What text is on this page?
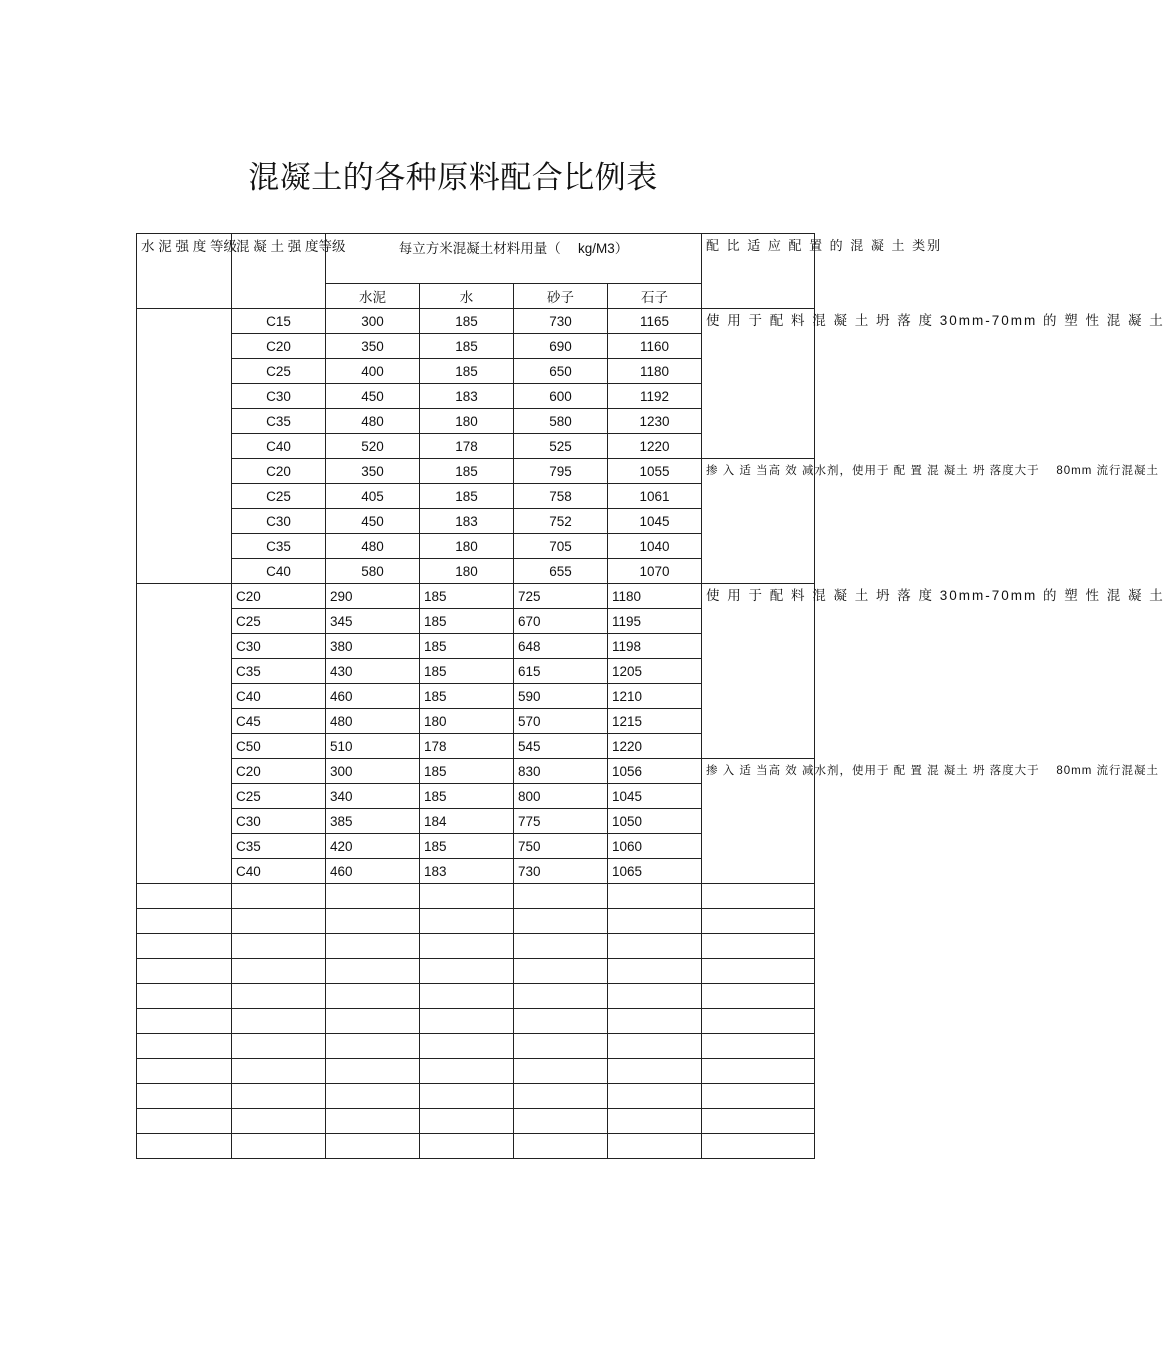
混凝土的各种原料配合比例表
水 泥 强 度 等级	混 凝 土 强 度等级	每立方米混凝土材料用量（　 kg/M3）				配 比 适 应 配 置 的 混 凝 土 类别
		水泥	水	砂子	石子	
	C15	300	185	730	1165	使 用 于 配 料 混 凝 土 坍 落 度 30mm-70mm 的 塑 性 混 凝 土
	C20	350	185	690	1160	
	C25	400	185	650	1180	
	C30	450	183	600	1192	
	C35	480	180	580	1230	
	C40	520	178	525	1220	
	C20	350	185	795	1055	掺 入 适 当高 效 减水剂，使用于 配 置 混 凝土 坍 落度大于　 80mm 流行混凝土
	C25	405	185	758	1061	
	C30	450	183	752	1045	
	C35	480	180	705	1040	
	C40	580	180	655	1070	
	C20	290	185	725	1180	使 用 于 配 料 混 凝 土 坍 落 度 30mm-70mm 的 塑 性 混 凝 土
	C25	345	185	670	1195	
	C30	380	185	648	1198	
	C35	430	185	615	1205	
	C40	460	185	590	1210	
	C45	480	180	570	1215	
	C50	510	178	545	1220	
	C20	300	185	830	1056	掺 入 适 当高 效 减水剂，使用于 配 置 混 凝土 坍 落度大于　 80mm 流行混凝土
	C25	340	185	800	1045	
	C30	385	184	775	1050	
	C35	420	185	750	1060	
	C40	460	183	730	1065	
